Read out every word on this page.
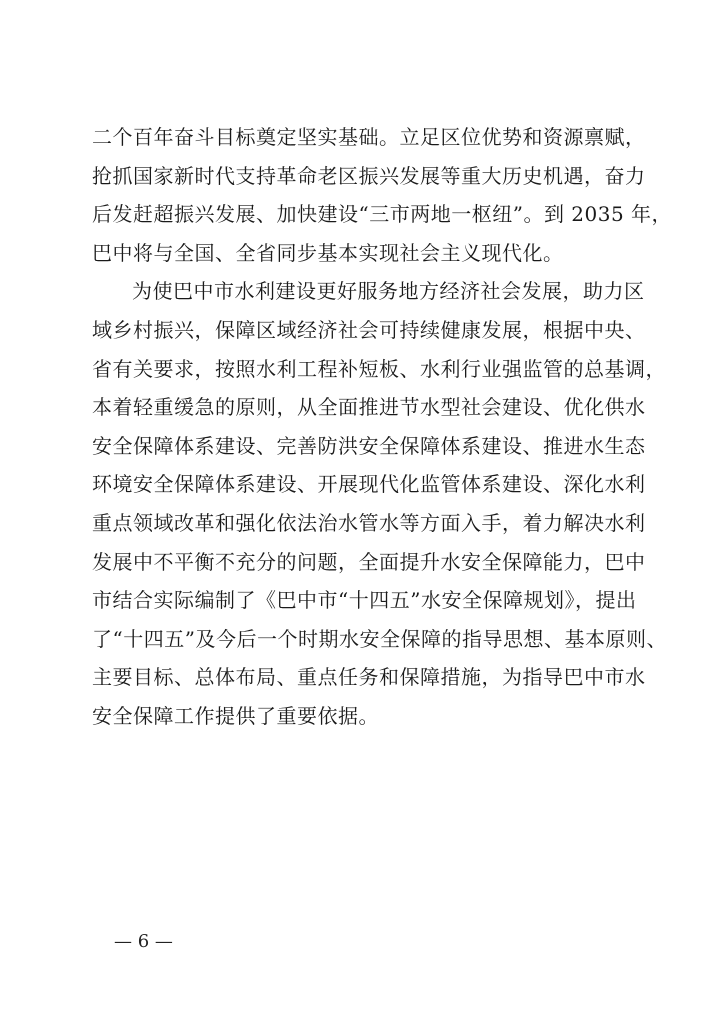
二个百年奋斗目标奠定坚实基础。立足区位优势和资源禀赋，
抢抓国家新时代支持革命老区振兴发展等重大历史机遇，奋力
后发赶超振兴发展、加快建设“三市两地一枢纽”。到 2035 年，
巴中将与全国、全省同步基本实现社会主义现代化。
为使巴中市水利建设更好服务地方经济社会发展，助力区
域乡村振兴，保障区域经济社会可持续健康发展，根据中央、
省有关要求，按照水利工程补短板、水利行业强监管的总基调，
本着轻重缓急的原则，从全面推进节水型社会建设、优化供水
安全保障体系建设、完善防洪安全保障体系建设、推进水生态
环境安全保障体系建设、开展现代化监管体系建设、深化水利
重点领域改革和强化依法治水管水等方面入手，着力解决水利
发展中不平衡不充分的问题，全面提升水安全保障能力，巴中
市结合实际编制了《巴中市“十四五”水安全保障规划》，提出
了“十四五”及今后一个时期水安全保障的指导思想、基本原则、
主要目标、总体布局、重点任务和保障措施，为指导巴中市水
安全保障工作提供了重要依据。
— 6 —
